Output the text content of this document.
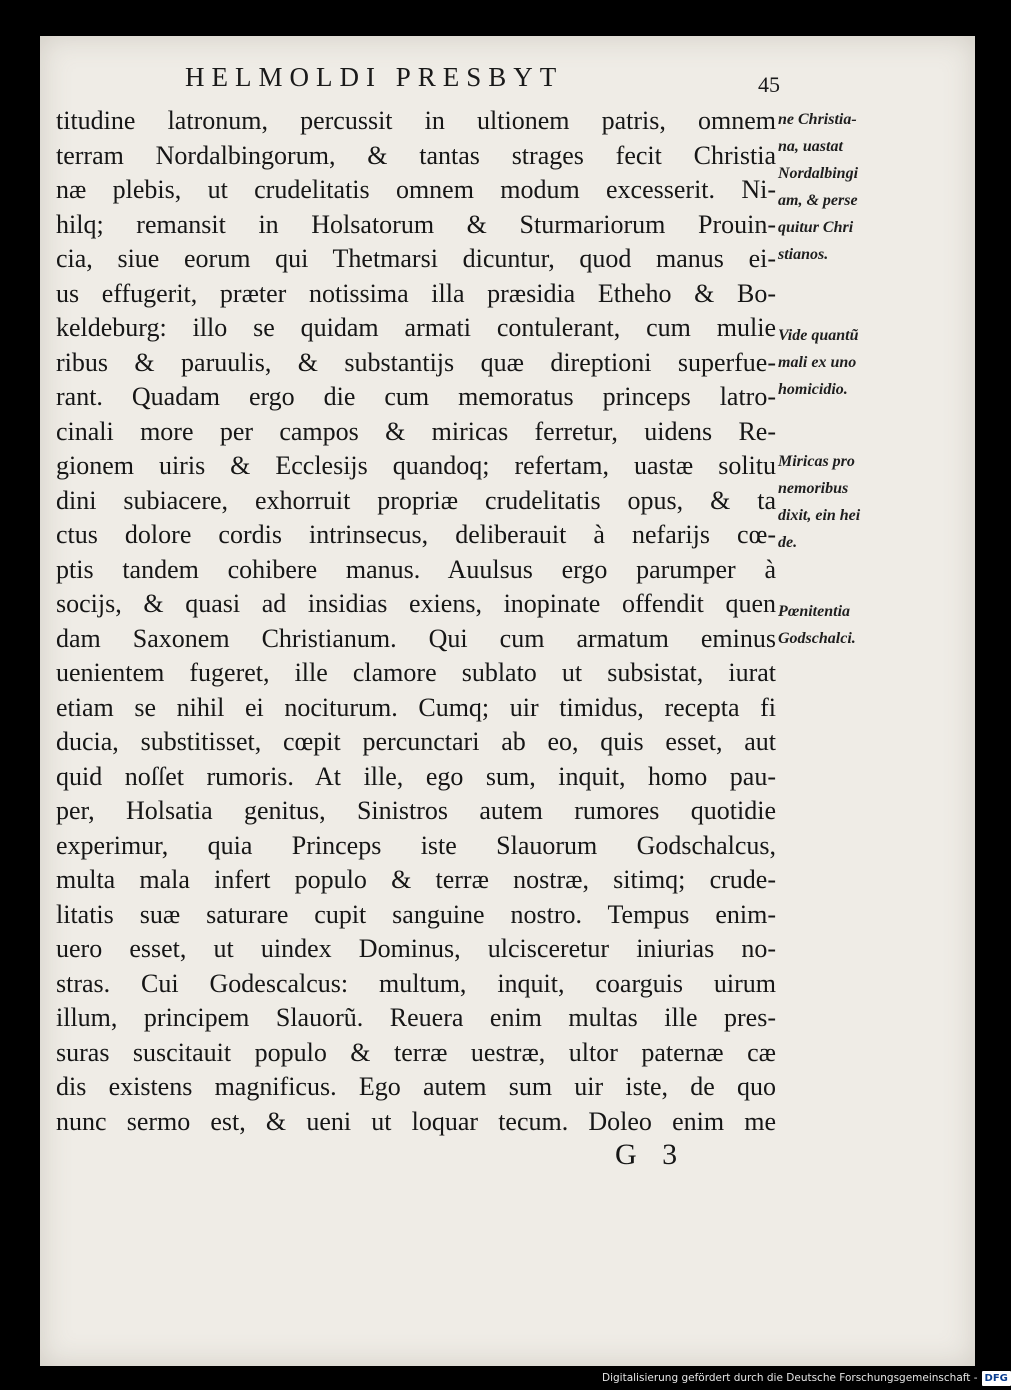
HELMOLDI PRESBYT	45
titudine latronum, percussit in ultionem patris, omnem
terram Nordalbingorum, & tantas strages fecit Christia
næ plebis, ut crudelitatis omnem modum excesserit. Ni-
hilq; remansit in Holsatorum & Sturmariorum Prouin-
cia, siue eorum qui Thetmarsi dicuntur, quod manus ei-
us effugerit, præter notissima illa præsidia Etheho & Bo-
keldeburg: illo se quidam armati contulerant, cum mulie
ribus & paruulis, & substantijs quæ direptioni superfue-
rant. Quadam ergo die cum memoratus princeps latro-
cinali more per campos & miricas ferretur, uidens Re-
gionem uiris & Ecclesijs quandoq; refertam, uastæ solitu
dini subiacere, exhorruit propriæ crudelitatis opus, & ta
ctus dolore cordis intrinsecus, deliberauit à nefarijs cœ-
ptis tandem cohibere manus. Auulsus ergo parumper à
socijs, & quasi ad insidias exiens, inopinate offendit quen
dam Saxonem Christianum. Qui cum armatum eminus
uenientem fugeret, ille clamore sublato ut subsistat, iurat
etiam se nihil ei nociturum. Cumq; uir timidus, recepta fi
ducia, substitisset, cœpit percunctari ab eo, quis esset, aut
quid noſſet rumoris. At ille, ego sum, inquit, homo pau-
per, Holsatia genitus, Sinistros autem rumores quotidie
experimur, quia Princeps iste Slauorum Godschalcus,
multa mala infert populo & terræ nostræ, sitimq; crude-
litatis suæ saturare cupit sanguine nostro. Tempus enim-
uero esset, ut uindex Dominus, ulcisceretur iniurias no-
stras. Cui Godescalcus: multum, inquit, coarguis uirum
illum, principem Slauorũ. Reuera enim multas ille pres-
suras suscitauit populo & terræ uestræ, ultor paternæ cæ
dis existens magnificus. Ego autem sum uir iste, de quo
nunc sermo est, & ueni ut loquar tecum. Doleo enim me
ne Christia-
na, uastat
Nordalbingi
am, & perse
quitur Chri
stianos.
Vide quantũ
mali ex uno
homicidio.
Miricas pro
nemoribus
dixit, ein hei
de.
Pœnitentia
Godschalci.
G 3
Digitalisierung gefördert durch die Deutsche Forschungsgemeinschaft - DFG
